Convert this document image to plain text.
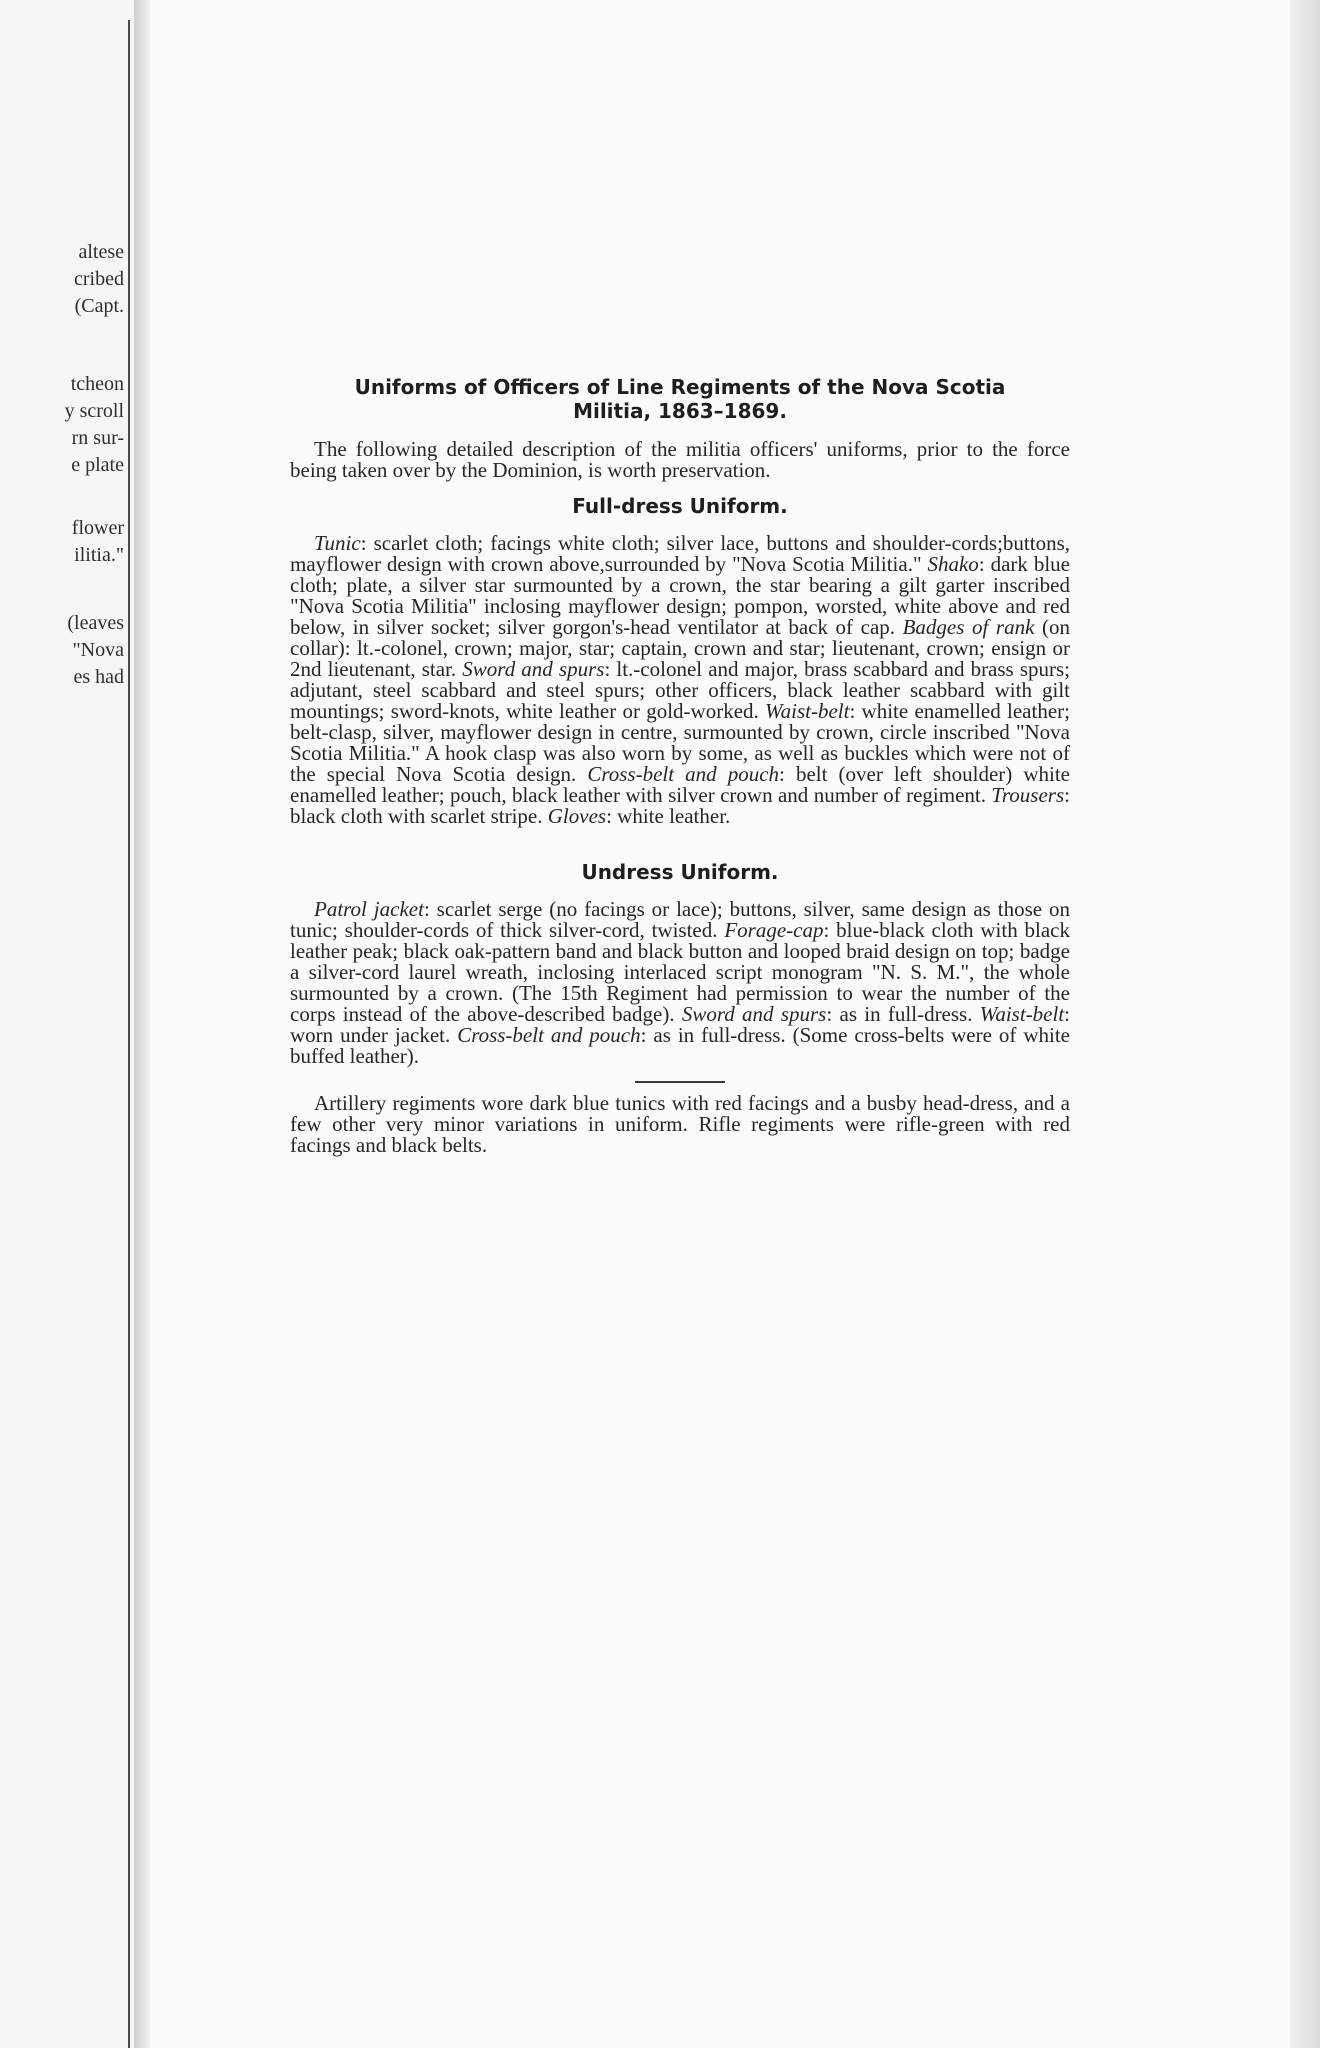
altese
cribed
(Capt.
tcheon
y scroll
rn sur-
e plate
flower
ilitia."
(leaves
"Nova
es had
Uniforms of Officers of Line Regiments of the Nova Scotia
Militia, 1863–1869.

The following detailed description of the militia officers' uniforms, prior to the force being taken over by the Dominion, is worth preservation.

Full-dress Uniform.

Tunic: scarlet cloth; facings white cloth; silver lace, buttons and shoulder-cords;buttons, mayflower design with crown above,surrounded by "Nova Scotia Militia." Shako: dark blue cloth; plate, a silver star surmounted by a crown, the star bearing a gilt garter inscribed "Nova Scotia Militia" inclosing mayflower design; pompon, worsted, white above and red below, in silver socket; silver gorgon's-head ventilator at back of cap. Badges of rank (on collar): lt.-colonel, crown; major, star; captain, crown and star; lieutenant, crown; ensign or 2nd lieutenant, star. Sword and spurs: lt.-colonel and major, brass scabbard and brass spurs; adjutant, steel scabbard and steel spurs; other officers, black leather scabbard with gilt mountings; sword-knots, white leather or gold-worked. Waist-belt: white enamelled leather; belt-clasp, silver, mayflower design in centre, surmounted by crown, circle inscribed "Nova Scotia Militia." A hook clasp was also worn by some, as well as buckles which were not of the special Nova Scotia design. Cross-belt and pouch: belt (over left shoulder) white enamelled leather; pouch, black leather with silver crown and number of regiment. Trousers: black cloth with scarlet stripe. Gloves: white leather.

Undress Uniform.

Patrol jacket: scarlet serge (no facings or lace); buttons, silver, same design as those on tunic; shoulder-cords of thick silver-cord, twisted. Forage-cap: blue-black cloth with black leather peak; black oak-pattern band and black button and looped braid design on top; badge a silver-cord laurel wreath, inclosing interlaced script monogram "N. S. M.", the whole surmounted by a crown. (The 15th Regiment had permission to wear the number of the corps instead of the above-described badge). Sword and spurs: as in full-dress. Waist-belt: worn under jacket. Cross-belt and pouch: as in full-dress. (Some cross-belts were of white buffed leather).

Artillery regiments wore dark blue tunics with red facings and a busby head-dress, and a few other very minor variations in uniform. Rifle regiments were rifle-green with red facings and black belts.
